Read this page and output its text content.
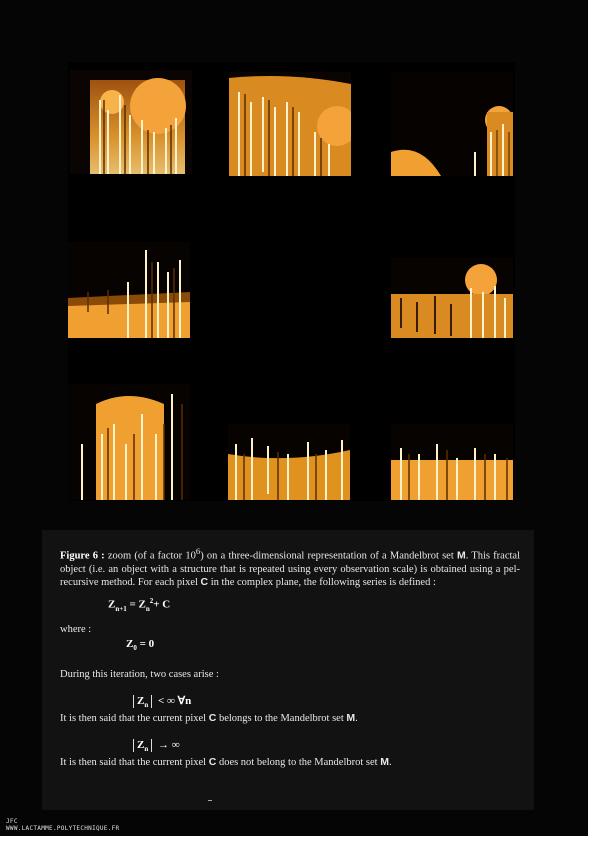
Figure 6 : zoom (of a factor $10^6$) on a three-dimensional representation of a Mandelbrot set M. This fractal object (i.e. an object with a structure that is repeated using every observation scale) is obtained using a pel-recursive method. For each pixel C in the complex plane, the following series is defined :

$Z_{n+1} = Z_n^2+ C$

where :

$Z_0 = 0$

During this iteration, two cases arise :

$Z_n$ < ∞ ∀n

It is then said that the current pixel C belongs to the Mandelbrot set M.

$Z_n$ → ∞

It is then said that the current pixel C does not belong to the Mandelbrot set M.

JFC
WWW.LACTAMME.POLYTECHNIQUE.FR
